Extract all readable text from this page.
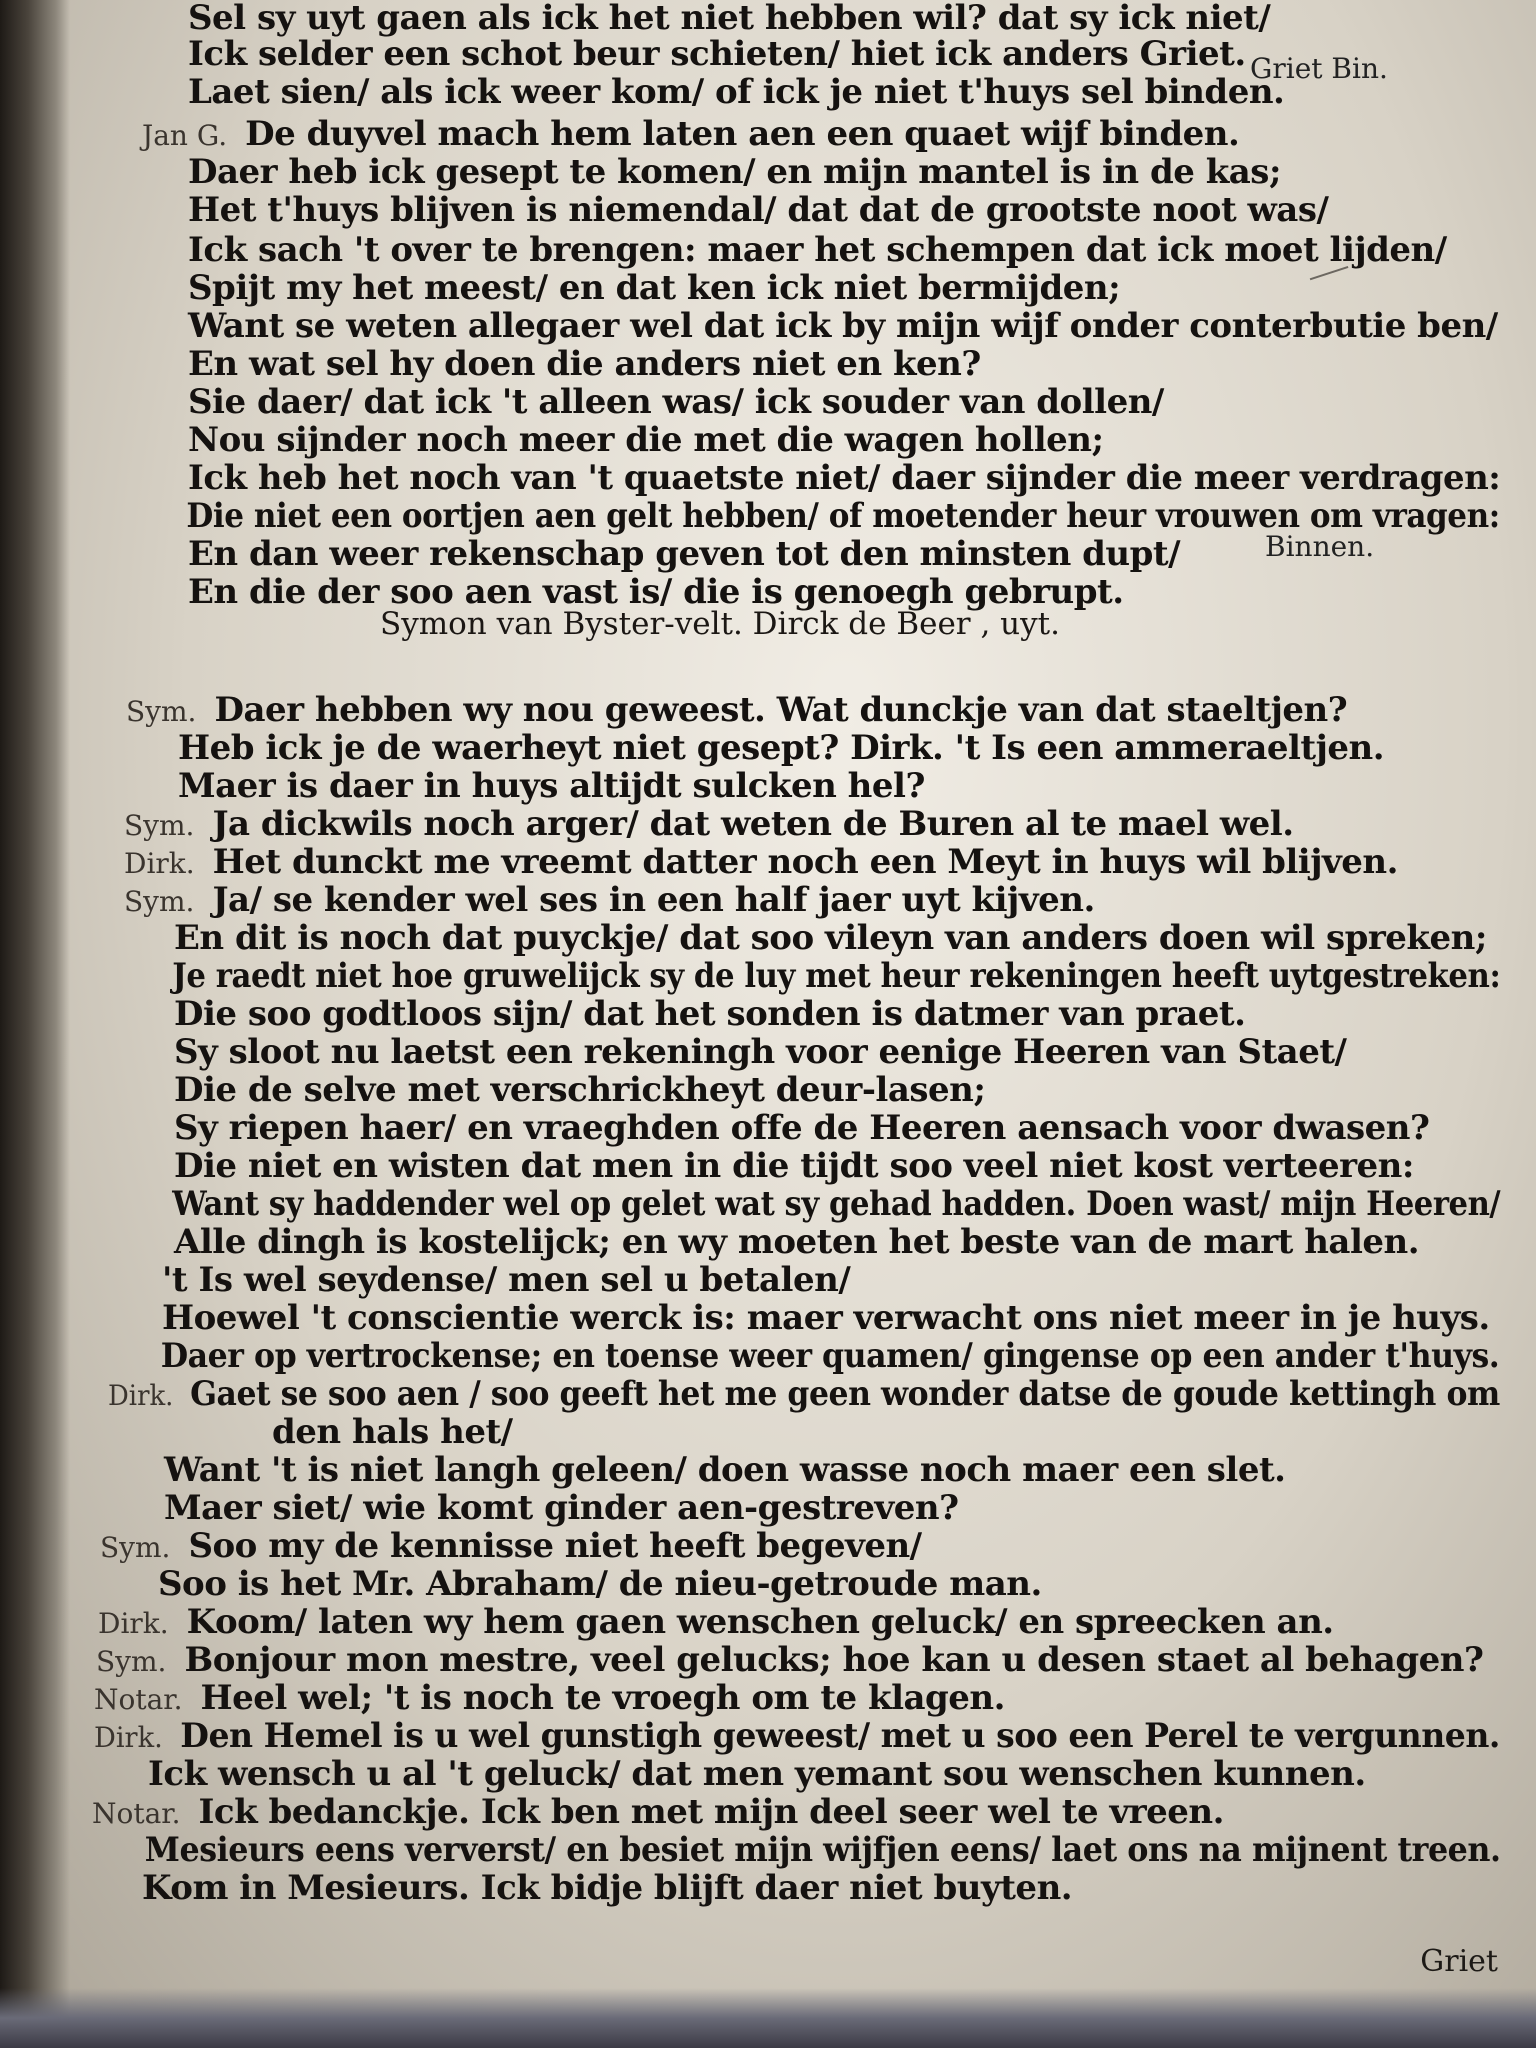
Sel sy uyt gaen als ick het niet hebben wil? dat sy ick niet/
Ick selder een schot beur schieten/ hiet ick anders Griet.
Laet sien/ als ick weer kom/ of ick je niet t'huys sel binden.
Jan G. De duyvel mach hem laten aen een quaet wijf binden.
Daer heb ick gesept te komen/ en mijn mantel is in de kas;
Het t'huys blijven is niemendal/ dat dat de grootste noot was/
Ick sach 't over te brengen: maer het schempen dat ick moet lijden/
Spijt my het meest/ en dat ken ick niet bermijden;
Want se weten allegaer wel dat ick by mijn wijf onder conterbutie ben/
En wat sel hy doen die anders niet en ken?
Sie daer/ dat ick 't alleen was/ ick souder van dollen/
Nou sijnder noch meer die met die wagen hollen;
Ick heb het noch van 't quaetste niet/ daer sijnder die meer verdragen:
Die niet een oortjen aen gelt hebben/ of moetender heur vrouwen om vragen:
En dan weer rekenschap geven tot den minsten dupt/
En die der soo aen vast is/ die is genoegh gebrupt.
Griet Bin.
Binnen.
Symon van Byster-velt. Dirck de Beer , uyt.
Sym. Daer hebben wy nou geweest. Wat dunckje van dat staeltjen?
Heb ick je de waerheyt niet gesept? Dirk. 't Is een ammeraeltjen.
Maer is daer in huys altijdt sulcken hel?
Sym. Ja dickwils noch arger/ dat weten de Buren al te mael wel.
Dirk. Het dunckt me vreemt datter noch een Meyt in huys wil blijven.
Sym. Ja/ se kender wel ses in een half jaer uyt kijven.
En dit is noch dat puyckje/ dat soo vileyn van anders doen wil spreken;
Je raedt niet hoe gruwelijck sy de luy met heur rekeningen heeft uytgestreken:
Die soo godtloos sijn/ dat het sonden is datmer van praet.
Sy sloot nu laetst een rekeningh voor eenige Heeren van Staet/
Die de selve met verschrickheyt deur-lasen;
Sy riepen haer/ en vraeghden offe de Heeren aensach voor dwasen?
Die niet en wisten dat men in die tijdt soo veel niet kost verteeren:
Want sy haddender wel op gelet wat sy gehad hadden. Doen wast/ mijn Heeren/
Alle dingh is kostelijck; en wy moeten het beste van de mart halen.
't Is wel seydense/ men sel u betalen/
Hoewel 't conscientie werck is: maer verwacht ons niet meer in je huys.
Daer op vertrockense; en toense weer quamen/ gingense op een ander t'huys.
Dirk. Gaet se soo aen / soo geeft het me geen wonder datse de goude kettingh om
den hals het/
Want 't is niet langh geleen/ doen wasse noch maer een slet.
Maer siet/ wie komt ginder aen-gestreven?
Sym. Soo my de kennisse niet heeft begeven/
Soo is het Mr. Abraham/ de nieu-getroude man.
Dirk. Koom/ laten wy hem gaen wenschen geluck/ en spreecken an.
Sym. Bonjour mon mestre, veel gelucks; hoe kan u desen staet al behagen?
Notar. Heel wel; 't is noch te vroegh om te klagen.
Dirk. Den Hemel is u wel gunstigh geweest/ met u soo een Perel te vergunnen.
Ick wensch u al 't geluck/ dat men yemant sou wenschen kunnen.
Notar. Ick bedanckje. Ick ben met mijn deel seer wel te vreen.
Mesieurs eens ververst/ en besiet mijn wijfjen eens/ laet ons na mijnent treen.
Kom in Mesieurs. Ick bidje blijft daer niet buyten.
Griet
